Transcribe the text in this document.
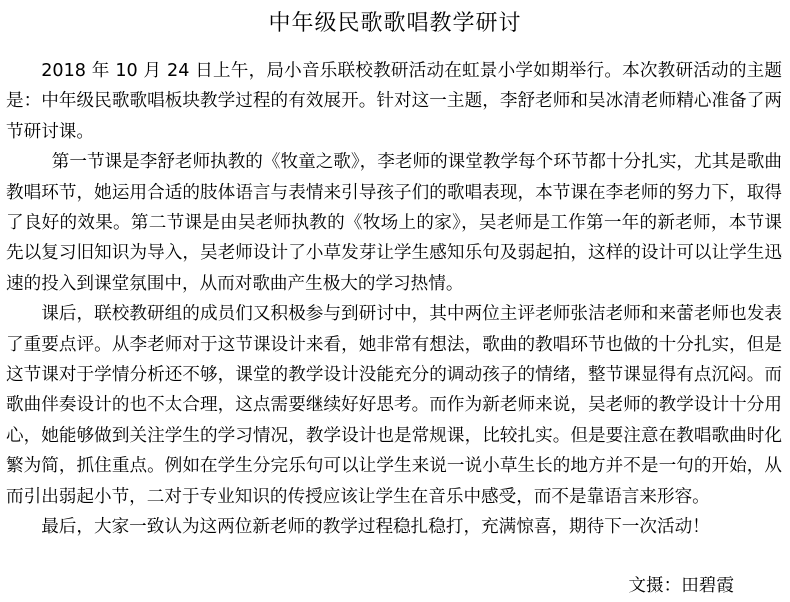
中年级民歌歌唱教学研讨

2018 年 10 月 24 日上午，局小音乐联校教研活动在虹景小学如期举行。本次教研活动的主题是：中年级民歌歌唱板块教学过程的有效展开。针对这一主题，李舒老师和吴冰清老师精心准备了两节研讨课。

第一节课是李舒老师执教的《牧童之歌》，李老师的课堂教学每个环节都十分扎实，尤其是歌曲教唱环节，她运用合适的肢体语言与表情来引导孩子们的歌唱表现，本节课在李老师的努力下，取得了良好的效果。第二节课是由吴老师执教的《牧场上的家》，吴老师是工作第一年的新老师，本节课先以复习旧知识为导入，吴老师设计了小草发芽让学生感知乐句及弱起拍，这样的设计可以让学生迅速的投入到课堂氛围中，从而对歌曲产生极大的学习热情。

课后，联校教研组的成员们又积极参与到研讨中，其中两位主评老师张洁老师和来蕾老师也发表了重要点评。从李老师对于这节课设计来看，她非常有想法，歌曲的教唱环节也做的十分扎实，但是这节课对于学情分析还不够，课堂的教学设计没能充分的调动孩子的情绪，整节课显得有点沉闷。而歌曲伴奏设计的也不太合理，这点需要继续好好思考。而作为新老师来说，吴老师的教学设计十分用心，她能够做到关注学生的学习情况，教学设计也是常规课，比较扎实。但是要注意在教唱歌曲时化繁为简，抓住重点。例如在学生分完乐句可以让学生来说一说小草生长的地方并不是一句的开始，从而引出弱起小节，二对于专业知识的传授应该让学生在音乐中感受，而不是靠语言来形容。

最后，大家一致认为这两位新老师的教学过程稳扎稳打，充满惊喜，期待下一次活动！

文摄：田碧霞
